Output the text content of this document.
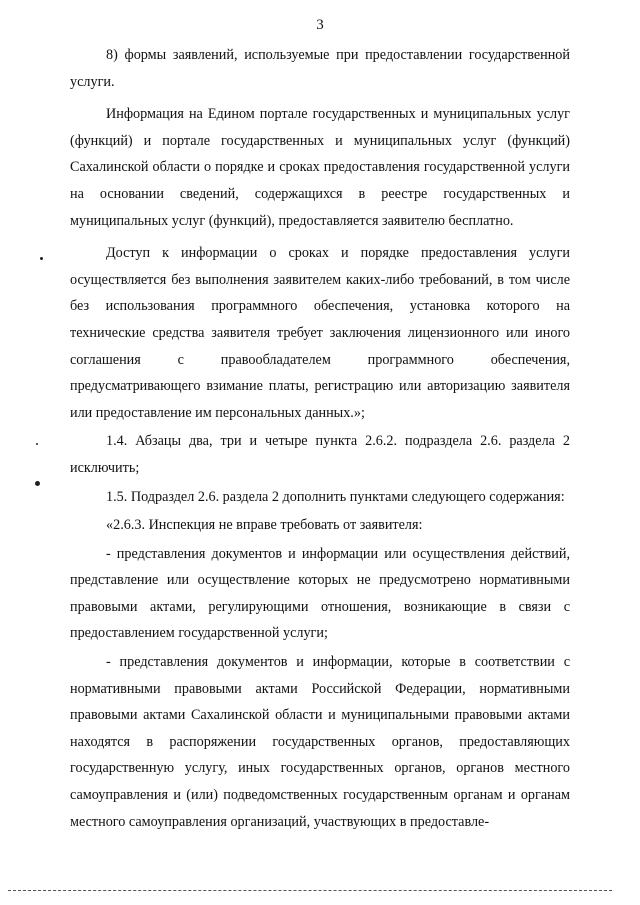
3

8) формы заявлений, используемые при предоставлении государственной услуги.

Информация на Едином портале государственных и муниципальных услуг (функций) и портале государственных и муниципальных услуг (функций) Сахалинской области о порядке и сроках предоставления государственной услуги на основании сведений, содержащихся в реестре государственных и муниципальных услуг (функций), предоставляется заявителю бесплатно.

Доступ к информации о сроках и порядке предоставления услуги осуществляется без выполнения заявителем каких-либо требований, в том числе без использования программного обеспечения, установка которого на технические средства заявителя требует заключения лицензионного или иного соглашения с правообладателем программного обеспечения, предусматривающего взимание платы, регистрацию или авторизацию заявителя или предоставление им персональных данных.»;

1.4. Абзацы два, три и четыре пункта 2.6.2. подраздела 2.6. раздела 2 исключить;

1.5. Подраздел 2.6. раздела 2 дополнить пунктами следующего содержания:

«2.6.3. Инспекция не вправе требовать от заявителя:

- представления документов и информации или осуществления действий, представление или осуществление которых не предусмотрено нормативными правовыми актами, регулирующими отношения, возникающие в связи с предоставлением государственной услуги;

- представления документов и информации, которые в соответствии с нормативными правовыми актами Российской Федерации, нормативными правовыми актами Сахалинской области и муниципальными правовыми актами находятся в распоряжении государственных органов, предоставляющих государственную услугу, иных государственных органов, органов местного самоуправления и (или) подведомственных государственным органам и органам местного самоуправления организаций, участвующих в предоставле-
